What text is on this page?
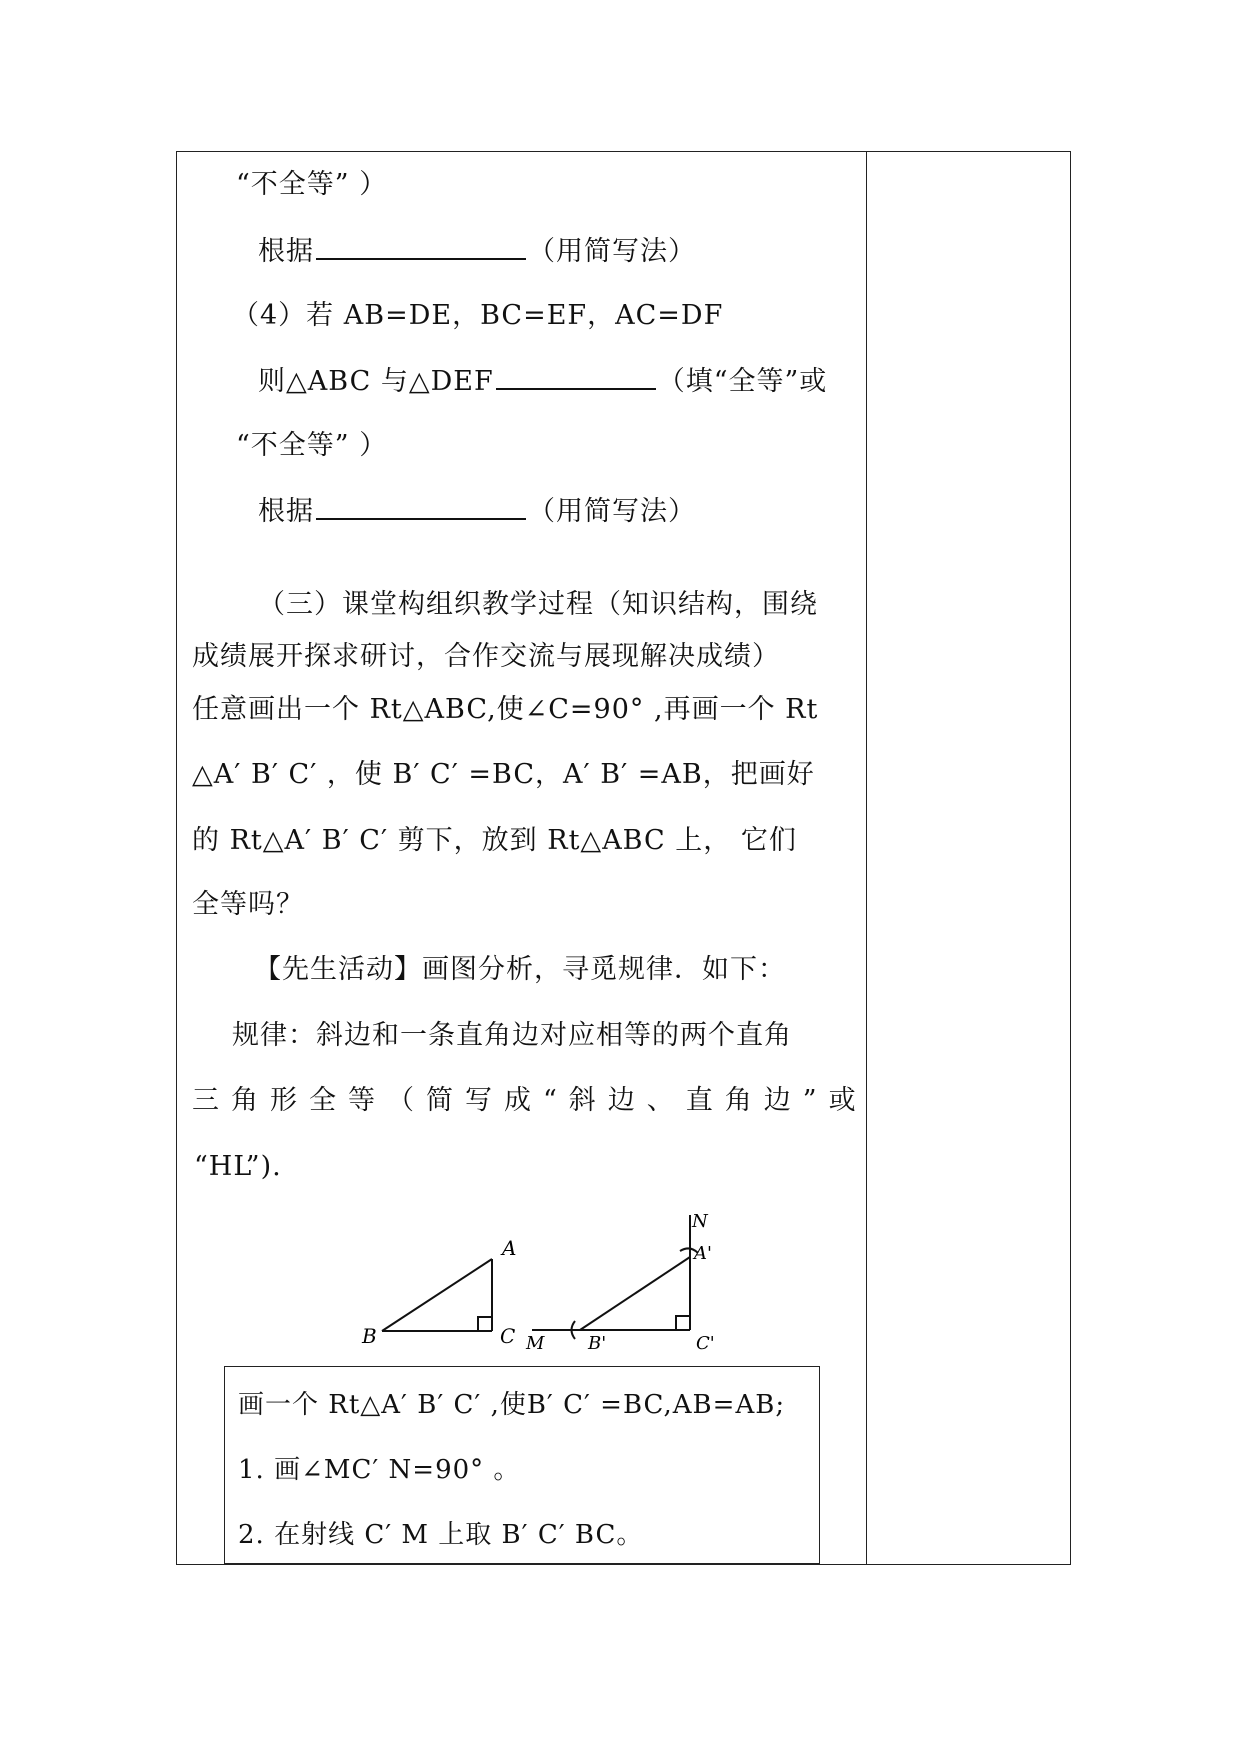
“不全等” ）
根据	（用简写法）
（4）若 AB=DE，BC=EF，AC=DF
则△ABC 与△DEF	（填“全等”或
“不全等” ）
根据	（用简写法）
（三）课堂构组织教学过程（知识结构，围绕
成绩展开探求研讨，合作交流与展现解决成绩）
任意画出一个 Rt△ABC,使∠C=90° ,再画一个 Rt
△A′ B′ C′ ，使 B′ C′ =BC，A′ B′ =AB，把画好
的 Rt△A′ B′ C′ 剪下，放到 Rt△ABC 上， 它们
全等吗？
【先生活动】画图分析，寻觅规律．如下：
规律：斜边和一条直角边对应相等的两个直角
三角形全等（简写成“斜边、直角边”或
“HL”).
A
B	C
N
A'
M B'	C'
画一个 Rt△A′ B′ C′ ,使B′ C′ =BC,AB=AB;
1. 画∠MC′ N=90° 。
2. 在射线 C′ M 上取 B′ C′ BC。
